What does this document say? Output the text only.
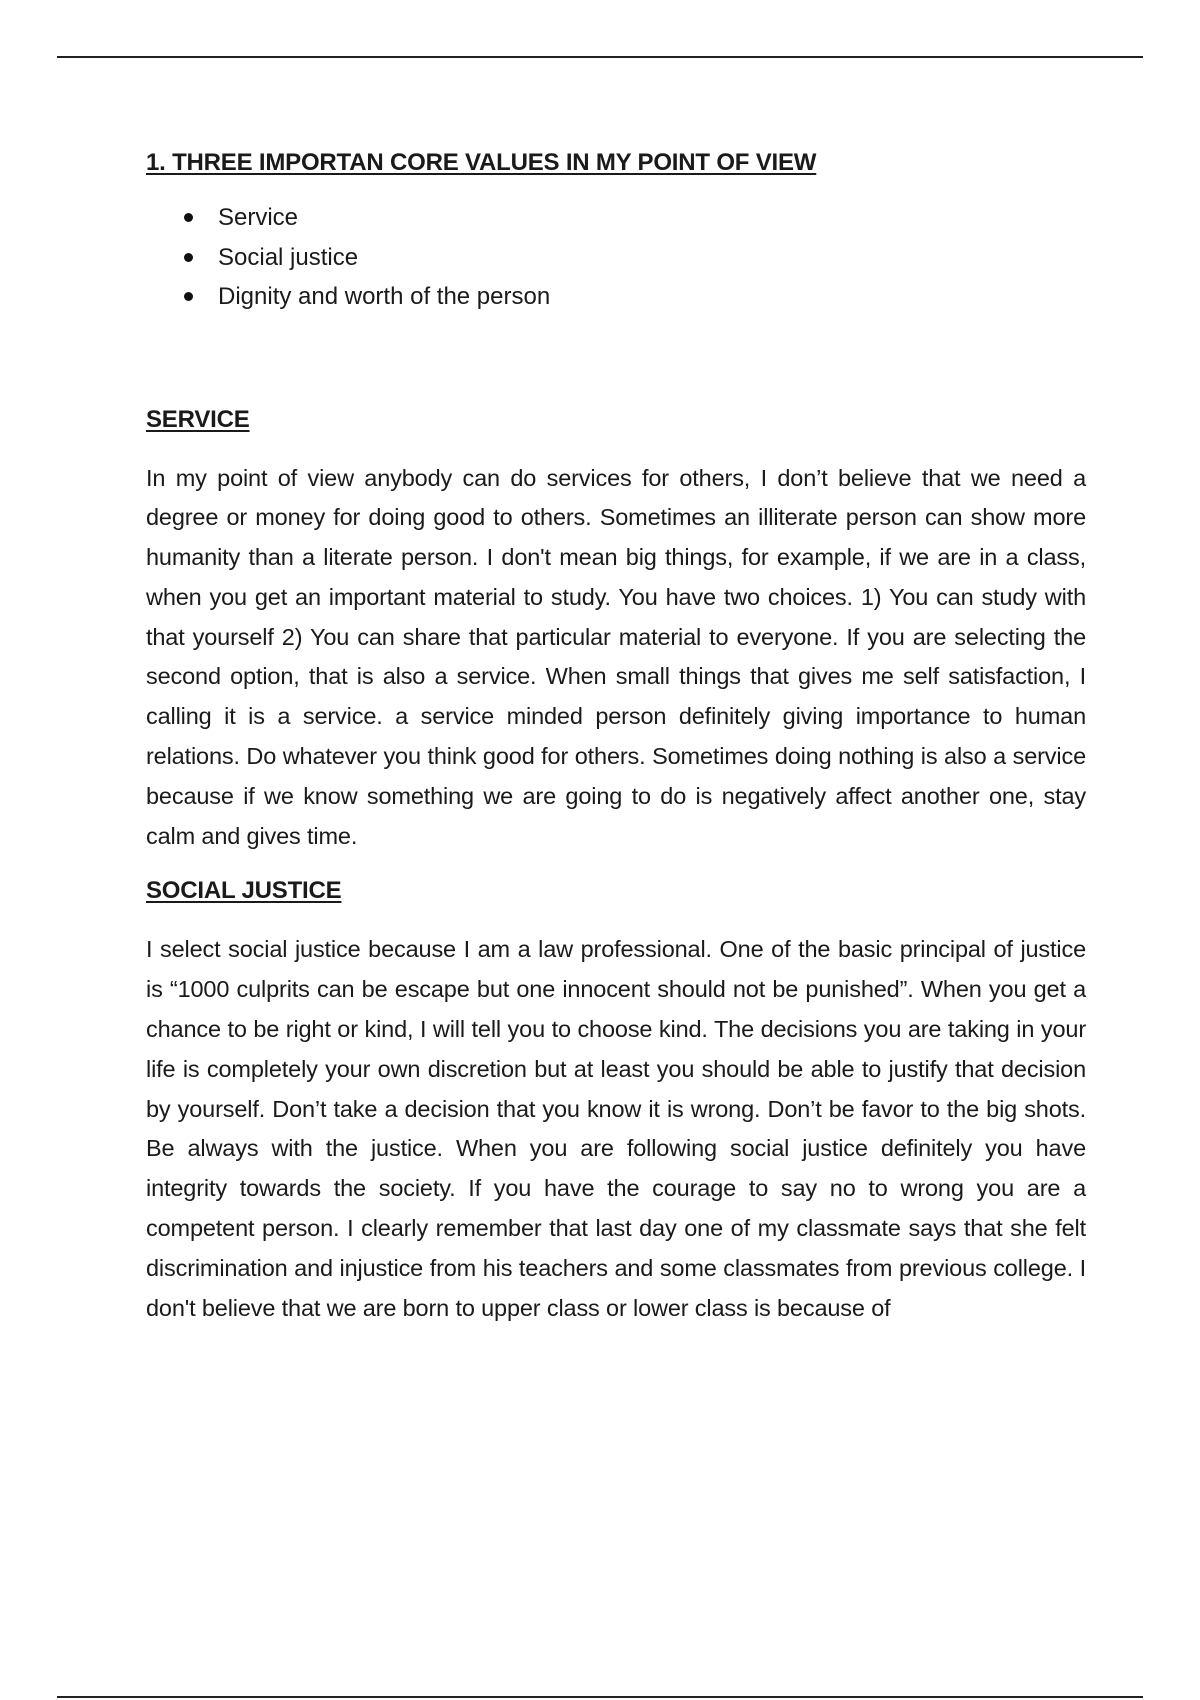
1. THREE IMPORTAN CORE VALUES IN MY POINT OF VIEW
Service
Social justice
Dignity and worth of the person
SERVICE

In my point of view anybody can do services for others, I don’t believe that we need a degree or money for doing good to others. Sometimes an illiterate person can show more humanity than a literate person. I don't mean big things, for example, if we are in a class, when you get an important material to study. You have two choices. 1) You can study with that yourself 2) You can share that particular material to everyone. If you are selecting the second option, that is also a service. When small things that gives me self satisfaction, I calling it is a service. a service minded person definitely giving importance to human relations. Do whatever you think good for others. Sometimes doing nothing is also a service because if we know something we are going to do is negatively affect another one, stay calm and gives time.

SOCIAL JUSTICE

I select social justice because I am a law professional. One of the basic principal of justice is “1000 culprits can be escape but one innocent should not be punished”. When you get a chance to be right or kind, I will tell you to choose kind. The decisions you are taking in your life is completely your own discretion but at least you should be able to justify that decision by yourself. Don’t take a decision that you know it is wrong. Don’t be favor to the big shots. Be always with the justice. When you are following social justice definitely you have integrity towards the society. If you have the courage to say no to wrong you are a competent person. I clearly remember that last day one of my classmate says that she felt discrimination and injustice from his teachers and some classmates from previous college. I don't believe that we are born to upper class or lower class is because of
